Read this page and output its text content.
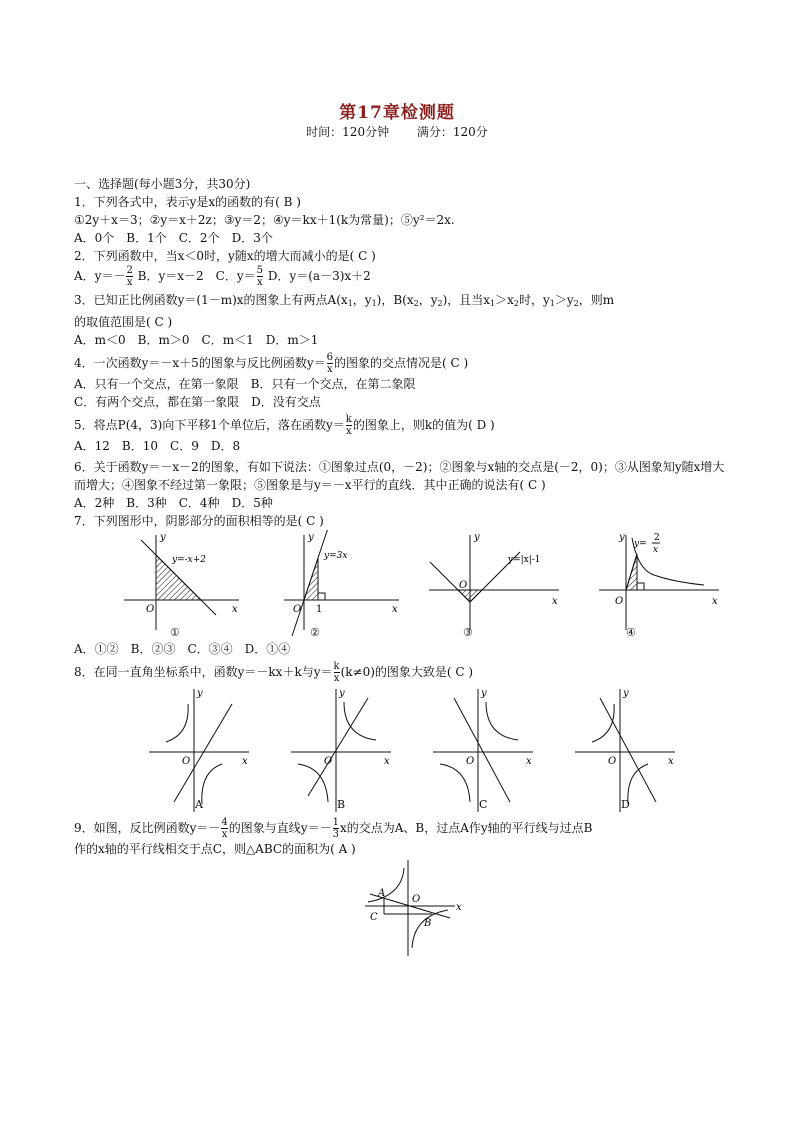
第17章检测题
时间：120分钟 满分：120分
一、选择题(每小题3分，共30分)
1．下列各式中，表示y是x的函数的有( B )
①2y＋x＝3；②y＝x＋2z；③y＝2；④y＝kx＋1(k为常量)；⑤y²＝2x.
A．0个　B．1个　C．2个　D．3个
2．下列函数中，当x＜0时，y随x的增大而减小的是( C )
A．$y=- \frac{2}{x}$ B．y＝x－2　C．$y= \frac{5}{x}$ D．y＝(a－3)x＋2
3．已知正比例函数y＝(1－m)x的图象上有两点$A(x_1$，$y_1$)，$B(x_2$，$y_2$)，且当$x_1>x_2$时，$y_1>y_2$，则m
的取值范围是( C )
A．m＜0　B．m＞0　C．m＜1　D．m＞1
4．一次函数y＝－x＋5的图象与反比例函数$y= \frac{6}{x}$ 的图象的交点情况是( C )
A．只有一个交点，在第一象限　B．只有一个交点，在第二象限
C．有两个交点，都在第一象限　D．没有交点
5．将点P(4，3)向下平移1个单位后，落在函数$y= \frac{k}{x}$ 的图象上，则k的值为( D )
A．12　B．10　C．9　D．8
6．关于函数y＝－x－2的图象，有如下说法：①图象过点(0，－2)；②图象与x轴的交点是(－2，0)；③从图象知y随x增大而增大；④图象不经过第一象限；⑤图象是与y＝－x平行的直线．其中正确的说法有( C )
A．2种　B．3种　C．4种　D．5种
7．下列图形中，阴影部分的面积相等的是( C )
y=-x+2
y
x
O
y=3x
y
x
O 1
y=|x|-1
y
x
O
y=
2
x
y
x
O
①	②	③	④
A．①②　B．②③　C．③④　D．①④
8．在同一直角坐标系中，函数y＝－kx＋k与$y= \frac{k}{x} (k\ne 0)$的图象大致是( C )
y
x
O
y
x
O
y
x
O
y
x
O
A	B	C	D
9．如图，反比例函数$y=- \frac{4}{x}$ 的图象与直线$y=- \frac{1}{3}$ x的交点为A、B，过点A作y轴的平行线与过点B
作的x轴的平行线相交于点C，则△ABC的面积为( A )
A
B
C
O
x
